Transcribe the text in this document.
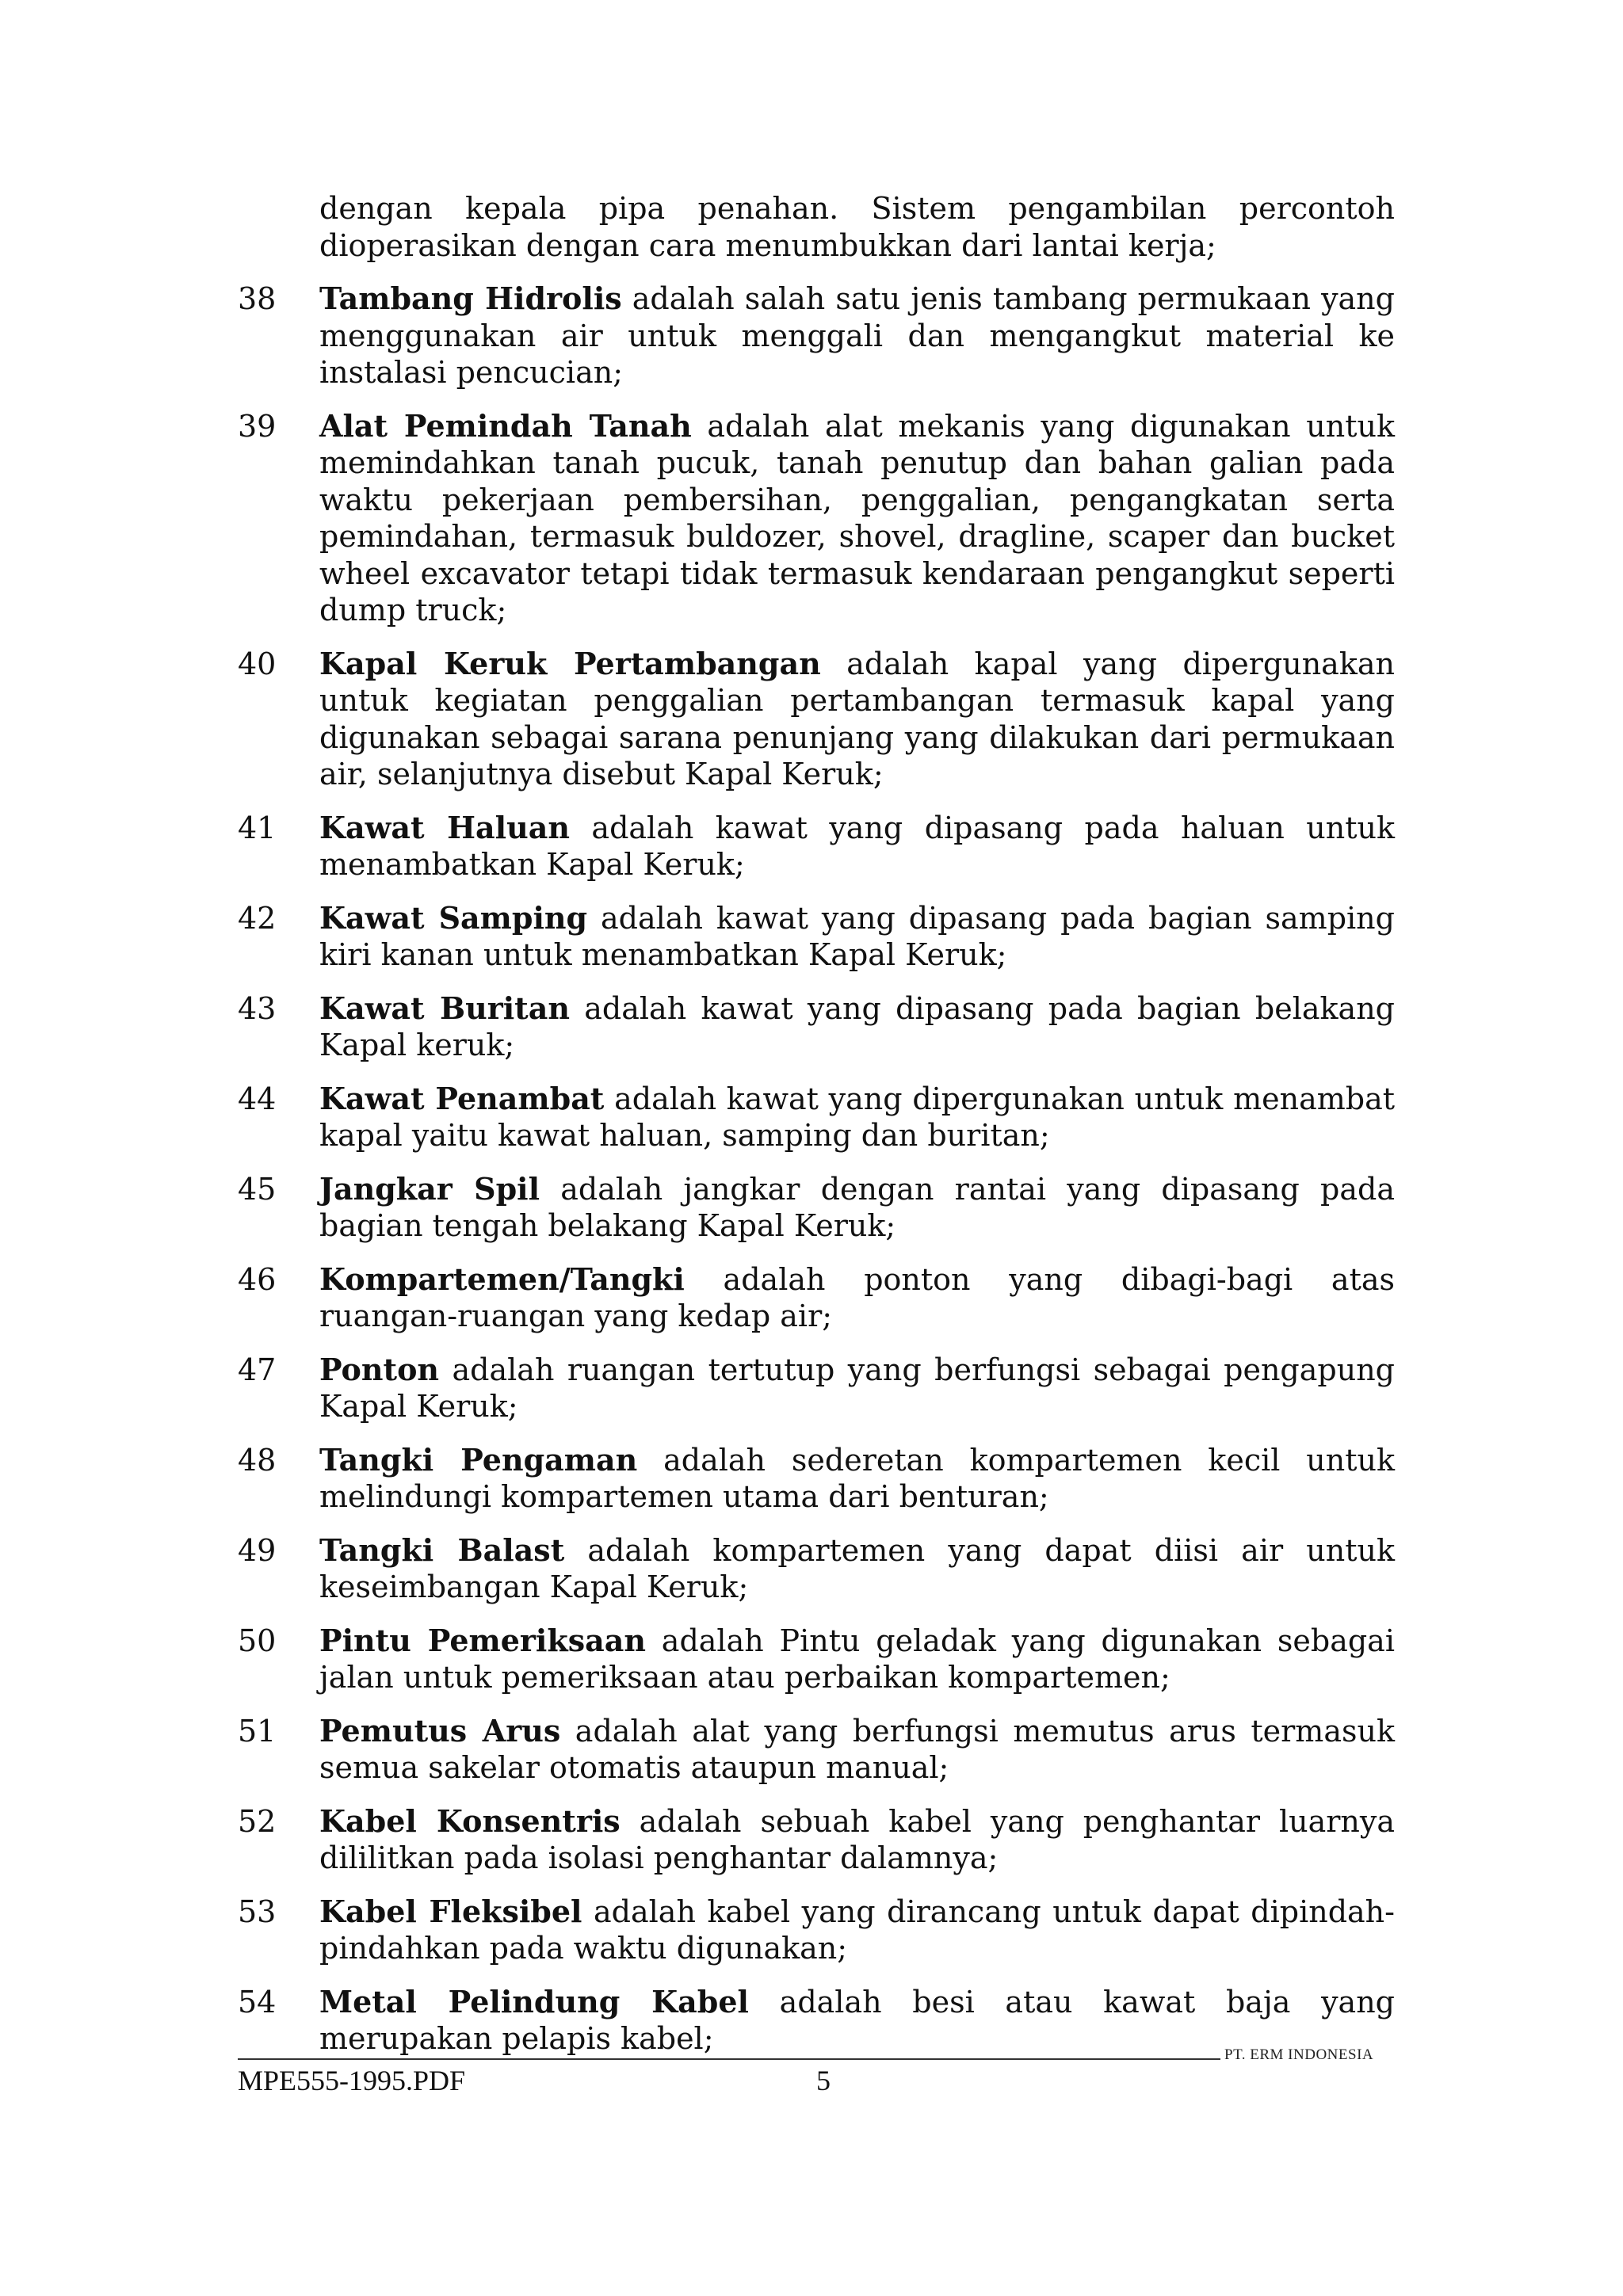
dengan kepala pipa penahan. Sistem pengambilan percontoh dioperasikan dengan cara menumbukkan dari lantai kerja;
38	Tambang Hidrolis adalah salah satu jenis tambang permukaan yang menggunakan air untuk menggali dan mengangkut material ke instalasi pencucian;
39	Alat Pemindah Tanah adalah alat mekanis yang digunakan untuk memindahkan tanah pucuk, tanah penutup dan bahan galian pada waktu pekerjaan pembersihan, penggalian, pengangkatan serta pemindahan, termasuk buldozer, shovel, dragline, scaper dan bucket wheel excavator tetapi tidak termasuk kendaraan pengangkut seperti dump truck;
40	Kapal Keruk Pertambangan adalah kapal yang dipergunakan untuk kegiatan penggalian pertambangan termasuk kapal yang digunakan sebagai sarana penunjang yang dilakukan dari permukaan air, selanjutnya disebut Kapal Keruk;
41	Kawat Haluan adalah kawat yang dipasang pada haluan untuk menambatkan Kapal Keruk;
42	Kawat Samping adalah kawat yang dipasang pada bagian samping kiri kanan untuk menambatkan Kapal Keruk;
43	Kawat Buritan adalah kawat yang dipasang pada bagian belakang Kapal keruk;
44	Kawat Penambat adalah kawat yang dipergunakan untuk menambat kapal yaitu kawat haluan, samping dan buritan;
45	Jangkar Spil adalah jangkar dengan rantai yang dipasang pada bagian tengah belakang Kapal Keruk;
46	Kompartemen/Tangki adalah ponton yang dibagi-bagi atas ruangan-ruangan yang kedap air;
47	Ponton adalah ruangan tertutup yang berfungsi sebagai pengapung Kapal Keruk;
48	Tangki Pengaman adalah sederetan kompartemen kecil untuk melindungi kompartemen utama dari benturan;
49	Tangki Balast adalah kompartemen yang dapat diisi air untuk keseimbangan Kapal Keruk;
50	Pintu Pemeriksaan adalah Pintu geladak yang digunakan sebagai jalan untuk pemeriksaan atau perbaikan kompartemen;
51	Pemutus Arus adalah alat yang berfungsi memutus arus termasuk semua sakelar otomatis ataupun manual;
52	Kabel Konsentris adalah sebuah kabel yang penghantar luarnya dililitkan pada isolasi penghantar dalamnya;
53	Kabel Fleksibel adalah kabel yang dirancang untuk dapat dipindah-pindahkan pada waktu digunakan;
54	Metal Pelindung Kabel adalah besi atau kawat baja yang merupakan pelapis kabel;	PT. ERM INDONESIA
MPE555-1995.PDF	5
